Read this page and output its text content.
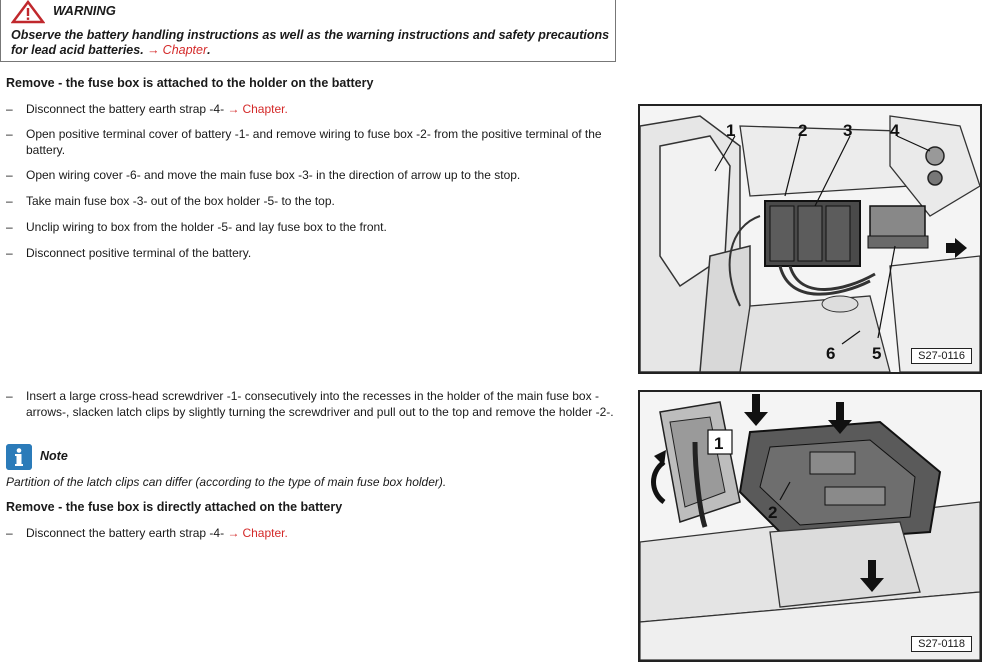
WARNING
Observe the battery handling instructions as well as the warning instructions and safety precautions for lead acid batteries. → Chapter.
Remove - the fuse box is attached to the holder on the battery
– Disconnect the battery earth strap -4- → Chapter.
– Open positive terminal cover of battery -1- and remove wiring to fuse box -2- from the positive terminal of the battery.
– Open wiring cover -6- and move the main fuse box -3- in the direction of arrow up to the stop.
– Take main fuse box -3- out of the box holder -5- to the top.
– Unclip wiring to box from the holder -5- and lay fuse box to the front.
– Disconnect positive terminal of the battery.
– Insert a large cross-head screwdriver -1- consecutively into the recesses in the holder of the main fuse box -arrows-, slacken latch clips by slightly turning the screwdriver and pull out to the top and remove the holder -2-.
Note
Partition of the latch clips can differ (according to the type of main fuse box holder).
Remove - the fuse box is directly attached on the battery
– Disconnect the battery earth strap -4- → Chapter.
1	2 3 4
5
6	S27-0116
1
2
S27-0118
